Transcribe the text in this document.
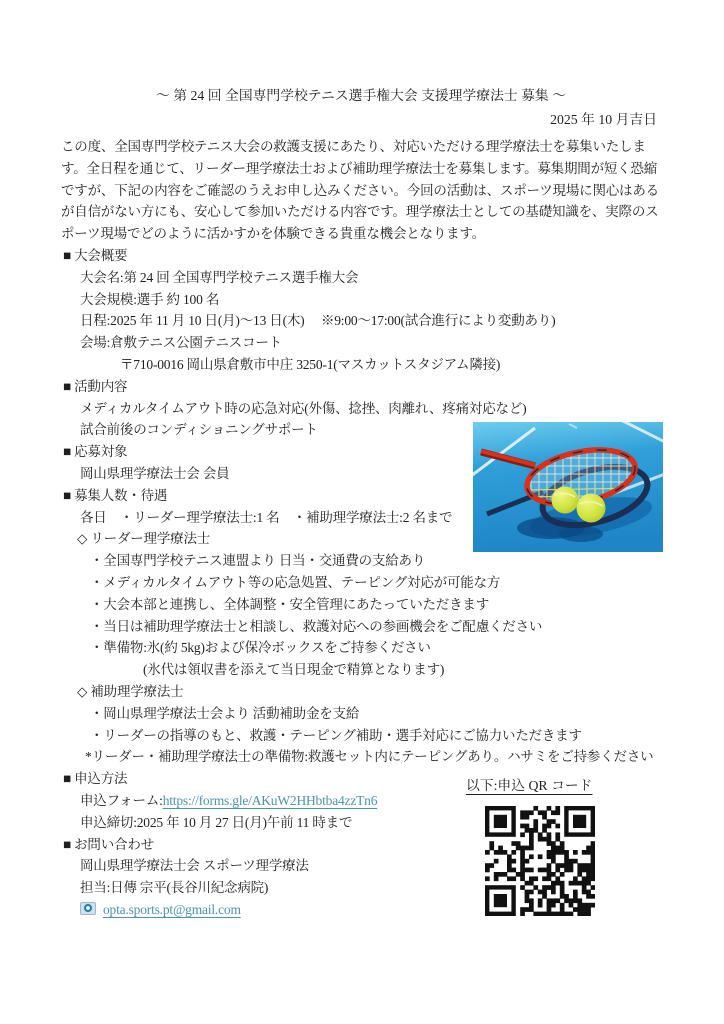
〜 第 24 回 全国専門学校テニス選手権大会 支援理学療法士 募集 〜
2025 年 10 月吉日
この度、全国専門学校テニス大会の救護支援にあたり、対応いただける理学療法士を募集いたしま
す。全日程を通じて、リーダー理学療法士および補助理学療法士を募集します。募集期間が短く恐縮
ですが、下記の内容をご確認のうえお申し込みください。今回の活動は、スポーツ現場に関心はある
が自信がない方にも、安心して参加いただける内容です。理学療法士としての基礎知識を、実際のス
ポーツ現場でどのように活かすかを体験できる貴重な機会となります。
■ 大会概要
大会名:第 24 回 全国専門学校テニス選手権大会
大会規模:選手 約 100 名
日程:2025 年 11 月 10 日(月)〜13 日(木)　 ※9:00〜17:00(試合進行により変動あり)
会場:倉敷テニス公園テニスコート
〒710-0016 岡山県倉敷市中庄 3250-1(マスカットスタジアム隣接)
■ 活動内容
メディカルタイムアウト時の応急対応(外傷、捻挫、肉離れ、疼痛対応など)
試合前後のコンディショニングサポート
■ 応募対象
岡山県理学療法士会 会員
■ 募集人数・待遇
各日　・リーダー理学療法士:1 名　・補助理学療法士:2 名まで
◇ リーダー理学療法士
・全国専門学校テニス連盟より 日当・交通費の支給あり
・メディカルタイムアウト等の応急処置、テーピング対応が可能な方
・大会本部と連携し、全体調整・安全管理にあたっていただきます
・当日は補助理学療法士と相談し、救護対応への参画機会をご配慮ください
・準備物:氷(約 5kg)および保冷ボックスをご持参ください
(氷代は領収書を添えて当日現金で精算となります)
◇ 補助理学療法士
・岡山県理学療法士会より 活動補助金を支給
・リーダーの指導のもと、救護・テーピング補助・選手対応にご協力いただきます
*リーダー・補助理学療法士の準備物:救護セット内にテーピングあり。ハサミをご持参ください
■ 申込方法
申込フォーム:https://forms.gle/AKuW2HHbtba4zzTn6
申込締切:2025 年 10 月 27 日(月)午前 11 時まで
■ お問い合わせ
岡山県理学療法士会 スポーツ理学療法
担当:日傳 宗平(長谷川紀念病院)
opta.sports.pt@gmail.com
以下:申込 QR コード
